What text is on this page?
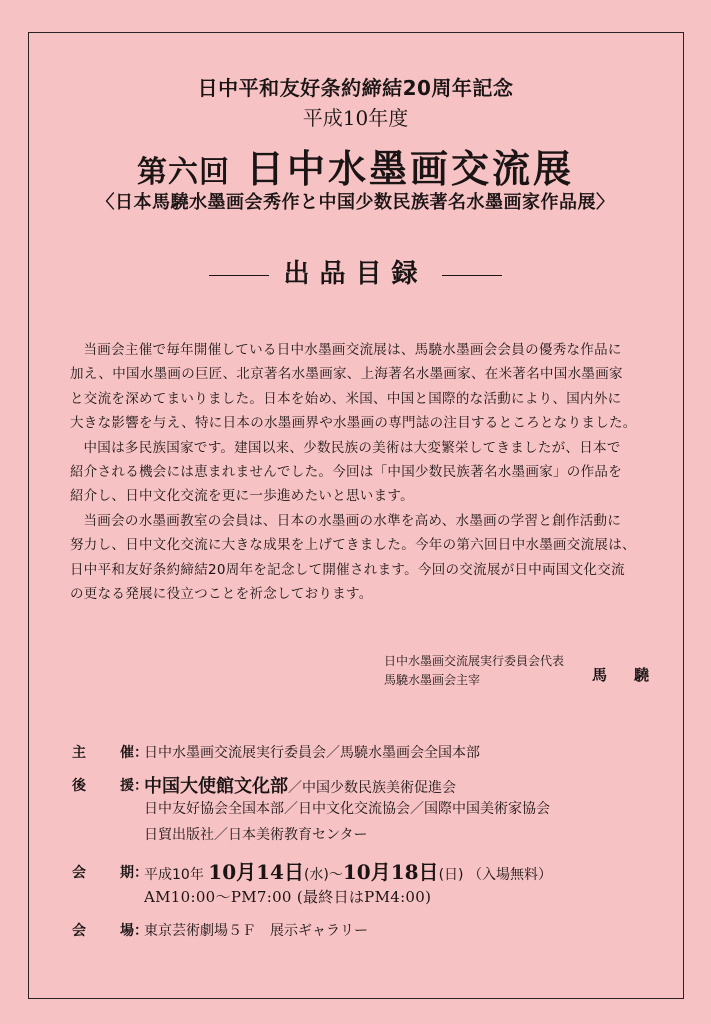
日中平和友好条約締結20周年記念
平成10年度
第六回 日中水墨画交流展
〈日本馬驍水墨画会秀作と中国少数民族著名水墨画家作品展〉
出品目録

当画会主催で毎年開催している日中水墨画交流展は、馬驍水墨画会会員の優秀な作品に

加え、中国水墨画の巨匠、北京著名水墨画家、上海著名水墨画家、在米著名中国水墨画家

と交流を深めてまいりました。日本を始め、米国、中国と国際的な活動により、国内外に

大きな影響を与え、特に日本の水墨画界や水墨画の専門誌の注目するところとなりました。

中国は多民族国家です。建国以来、少数民族の美術は大変繁栄してきましたが、日本で

紹介される機会には恵まれませんでした。今回は「中国少数民族著名水墨画家」の作品を

紹介し、日中文化交流を更に一歩進めたいと思います。

当画会の水墨画教室の会員は、日本の水墨画の水準を高め、水墨画の学習と創作活動に

努力し、日中文化交流に大きな成果を上げてきました。今年の第六回日中水墨画交流展は、

日中平和友好条約締結20周年を記念して開催されます。今回の交流展が日中両国文化交流

の更なる発展に役立つことを祈念しております。

日中水墨画交流展実行委員会代表
馬驍水墨画会主宰	馬　驍
主 催：
日中水墨画交流展実行委員会／馬驍水墨画会全国本部
後 援：
中国大使館文化部／中国少数民族美術促進会
日中友好協会全国本部／日中文化交流協会／国際中国美術家協会
日貿出版社／日本美術教育センター
会 期：
平成10年 10月14日(水)～10月18日(日) （入場無料）
AM10:00～PM7:00 (最終日はPM4:00)
会 場：
東京芸術劇場５Ｆ　展示ギャラリー
